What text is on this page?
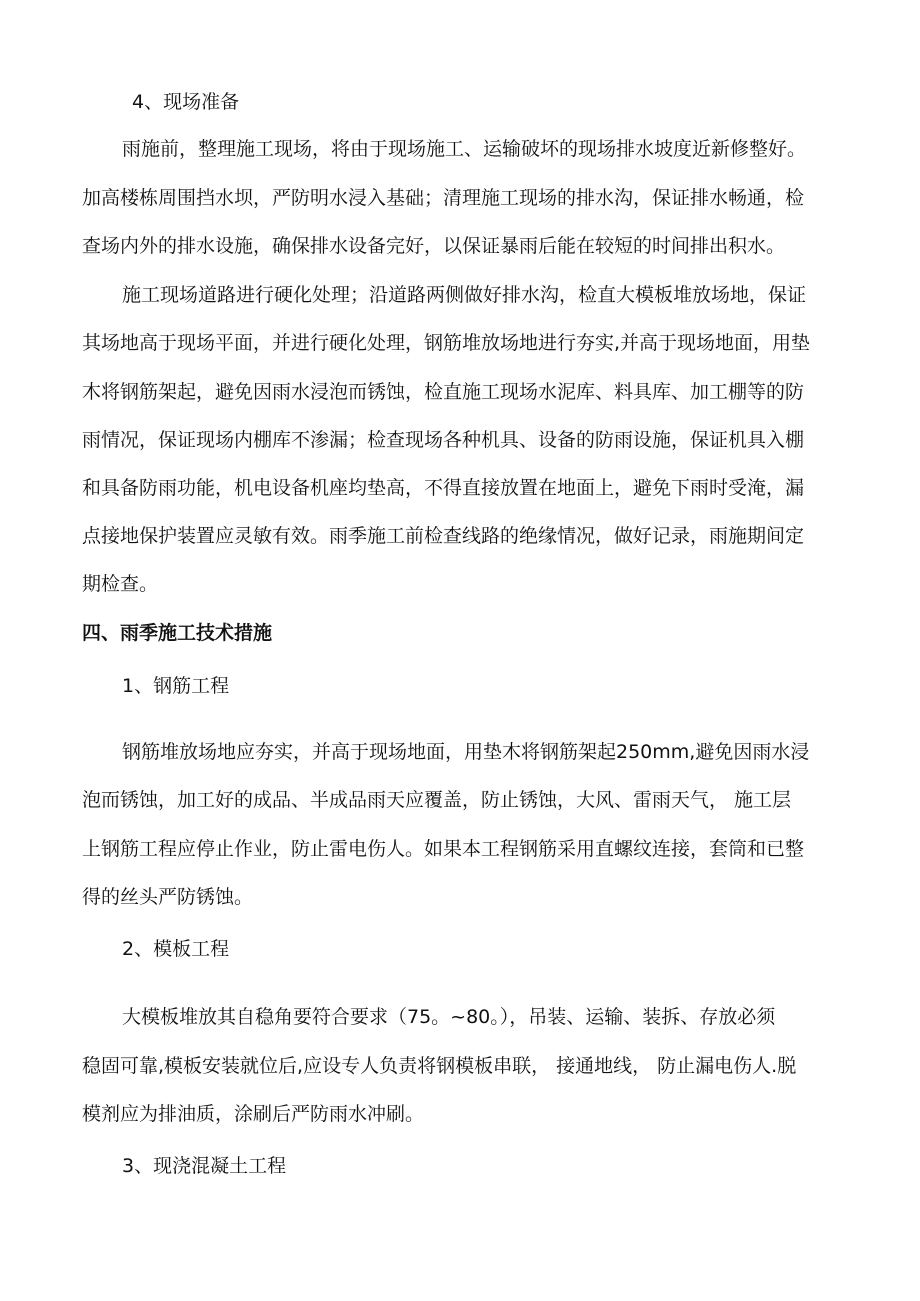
4、现场准备
雨施前，整理施工现场，将由于现场施工、运输破坏的现场排水坡度近新修整好。
加高楼栋周围挡水坝，严防明水浸入基础；清理施工现场的排水沟，保证排水畅通，检
查场内外的排水设施，确保排水设备完好，以保证暴雨后能在较短的时间排出积水。
施工现场道路进行硬化处理；沿道路两侧做好排水沟，检直大模板堆放场地，保证
其场地高于现场平面，并进行硬化处理，钢筋堆放场地进行夯实,并高于现场地面，用垫
木将钢筋架起，避免因雨水浸泡而锈蚀，检直施工现场水泥库、料具库、加工棚等的防
雨情况，保证现场内棚库不渗漏；检查现场各种机具、设备的防雨设施，保证机具入棚
和具备防雨功能，机电设备机座均垫高，不得直接放置在地面上，避免下雨时受淹，漏
点接地保护装置应灵敏有效。雨季施工前检查线路的绝缘情况，做好记录，雨施期间定
期检查。
四、雨季施工技术措施
1、钢筋工程
钢筋堆放场地应夯实，并高于现场地面，用垫木将钢筋架起250mm,避免因雨水浸
泡而锈蚀，加工好的成品、半成品雨天应覆盖，防止锈蚀，大风、雷雨天气， 施工层
上钢筋工程应停止作业，防止雷电伤人。如果本工程钢筋采用直螺纹连接，套筒和已整
得的丝头严防锈蚀。
2、模板工程
大模板堆放其自稳角要符合要求（75。~80。），吊装、运输、装拆、存放必须
稳固可靠,模板安装就位后,应设专人负责将钢模板串联， 接通地线， 防止漏电伤人.脱
模剂应为排油质，涂刷后严防雨水冲刷。
3、现浇混凝土工程
